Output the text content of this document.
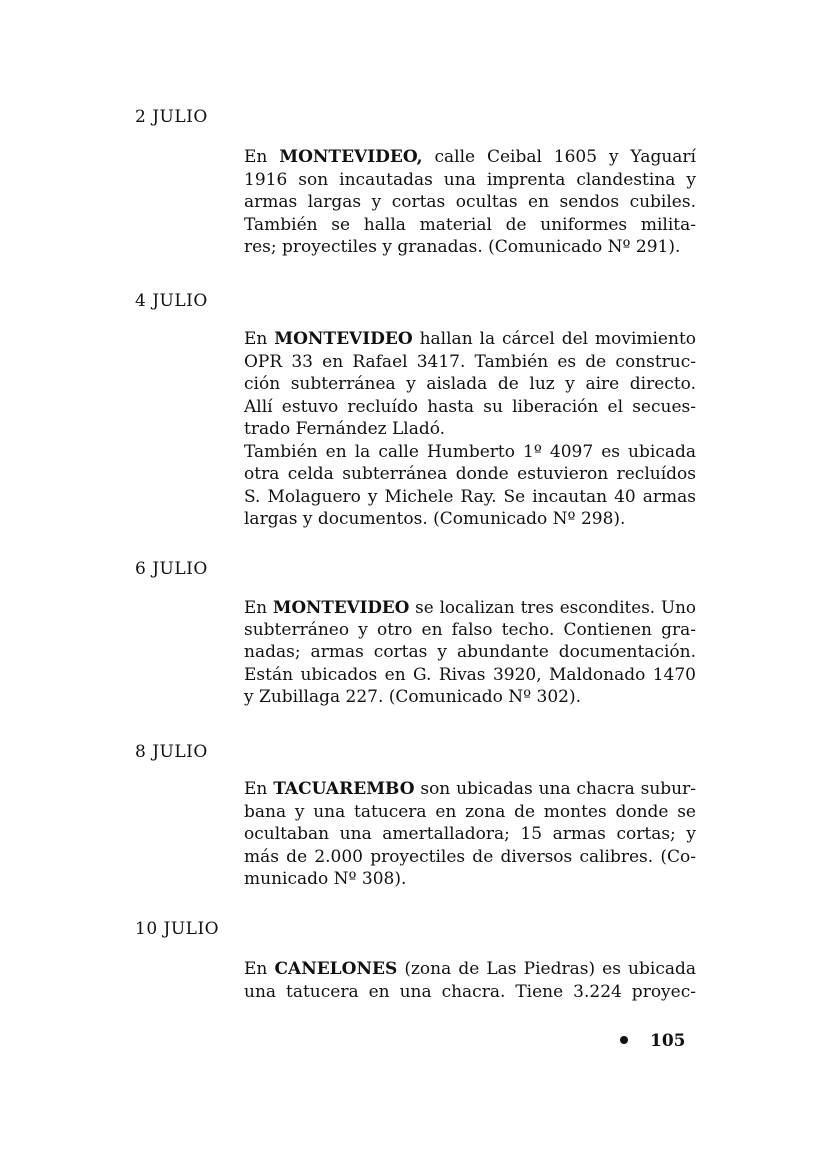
2 JULIO
En MONTEVIDEO, calle Ceibal 1605 y Yaguarí
1916 son incautadas una imprenta clandestina y
armas largas y cortas ocultas en sendos cubiles.
También se halla material de uniformes milita-
res; proyectiles y granadas. (Comunicado Nº 291).
4 JULIO
En MONTEVIDEO hallan la cárcel del movimiento
OPR 33 en Rafael 3417. También es de construc-
ción subterránea y aislada de luz y aire directo.
Allí estuvo recluído hasta su liberación el secues-
trado Fernández Lladó.
También en la calle Humberto 1º 4097 es ubicada
otra celda subterránea donde estuvieron recluídos
S. Molaguero y Michele Ray. Se incautan 40 armas
largas y documentos. (Comunicado Nº 298).
6 JULIO
En MONTEVIDEO se localizan tres escondites. Uno
subterráneo y otro en falso techo. Contienen gra-
nadas; armas cortas y abundante documentación.
Están ubicados en G. Rivas 3920, Maldonado 1470
y Zubillaga 227. (Comunicado Nº 302).
8 JULIO
En TACUAREMBO son ubicadas una chacra subur-
bana y una tatucera en zona de montes donde se
ocultaban una amertalladora; 15 armas cortas; y
más de 2.000 proyectiles de diversos calibres. (Co-
municado Nº 308).
10 JULIO
En CANELONES (zona de Las Piedras) es ubicada
una tatucera en una chacra. Tiene 3.224 proyec-
105
